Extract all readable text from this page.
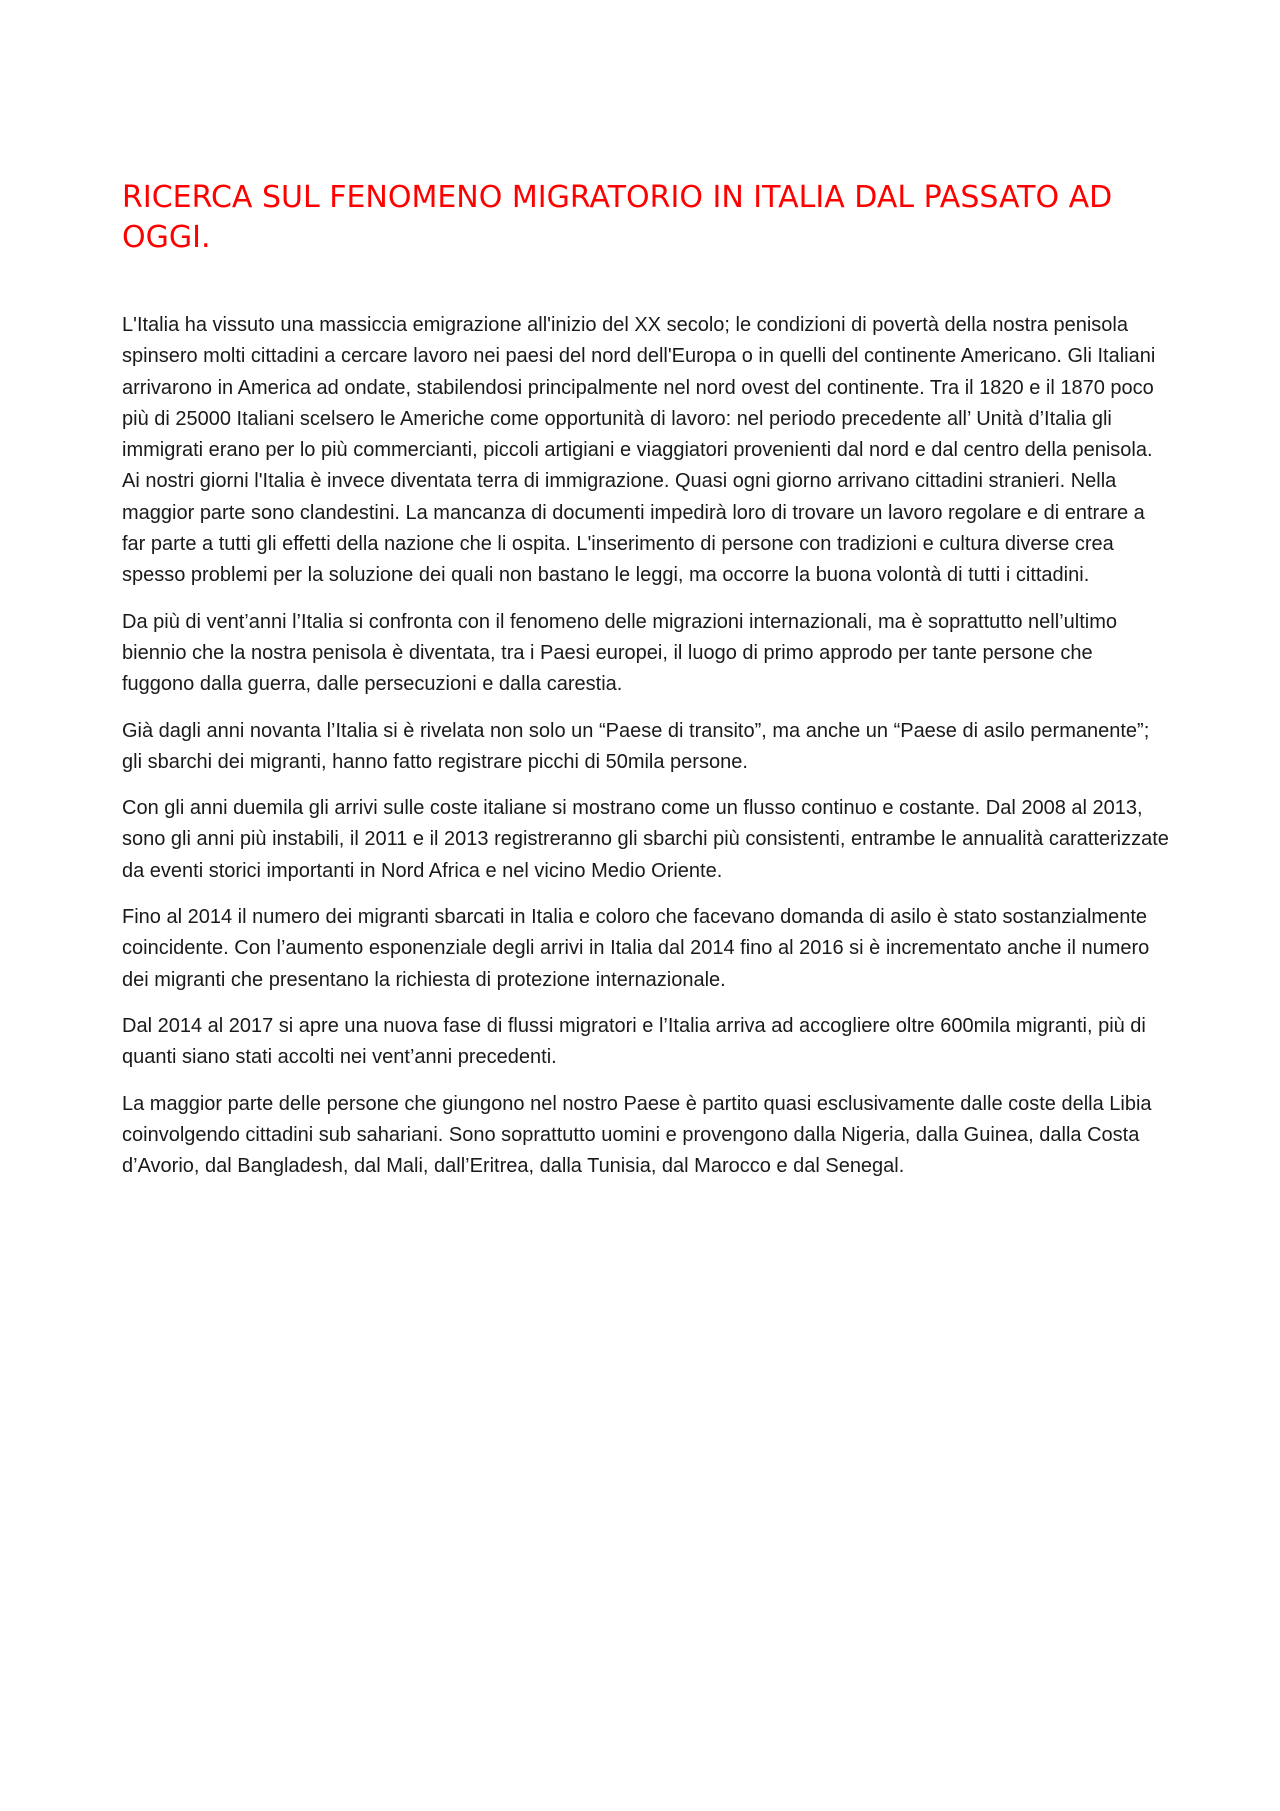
RICERCA SUL FENOMENO MIGRATORIO IN ITALIA DAL PASSATO AD OGGI.

L'Italia ha vissuto una massiccia emigrazione all'inizio del XX secolo; le condizioni di povertà della nostra penisola spinsero molti cittadini a cercare lavoro nei paesi del nord dell'Europa o in quelli del continente Americano. Gli Italiani arrivarono in America ad ondate, stabilendosi principalmente nel nord ovest del continente. Tra il 1820 e il 1870 poco più di 25000 Italiani scelsero le Americhe come opportunità di lavoro: nel periodo precedente all’ Unità d’Italia gli immigrati erano per lo più commercianti, piccoli artigiani e viaggiatori provenienti dal nord e dal centro della penisola. Ai nostri giorni l'Italia è invece diventata terra di immigrazione. Quasi ogni giorno arrivano cittadini stranieri. Nella maggior parte sono clandestini. La mancanza di documenti impedirà loro di trovare un lavoro regolare e di entrare a far parte a tutti gli effetti della nazione che li ospita. L'inserimento di persone con tradizioni e cultura diverse crea spesso problemi per la soluzione dei quali non bastano le leggi, ma occorre la buona volontà di tutti i cittadini.

Da più di vent’anni l’Italia si confronta con il fenomeno delle migrazioni internazionali, ma è soprattutto nell’ultimo biennio che la nostra penisola è diventata, tra i Paesi europei, il luogo di primo approdo per tante persone che fuggono dalla guerra, dalle persecuzioni e dalla carestia.

Già dagli anni novanta l’Italia si è rivelata non solo un “Paese di transito”, ma anche un “Paese di asilo permanente”; gli sbarchi dei migranti, hanno fatto registrare picchi di 50mila persone.

Con gli anni duemila gli arrivi sulle coste italiane si mostrano come un flusso continuo e costante. Dal 2008 al 2013, sono gli anni più instabili, il 2011 e il 2013 registreranno gli sbarchi più consistenti, entrambe le annualità caratterizzate da eventi storici importanti in Nord Africa e nel vicino Medio Oriente.

Fino al 2014 il numero dei migranti sbarcati in Italia e coloro che facevano domanda di asilo è stato sostanzialmente coincidente. Con l’aumento esponenziale degli arrivi in Italia dal 2014 fino al 2016 si è incrementato anche il numero dei migranti che presentano la richiesta di protezione internazionale.

Dal 2014 al 2017 si apre una nuova fase di flussi migratori e l’Italia arriva ad accogliere oltre 600mila migranti, più di quanti siano stati accolti nei vent’anni precedenti.

La maggior parte delle persone che giungono nel nostro Paese è partito quasi esclusivamente dalle coste della Libia coinvolgendo cittadini sub sahariani. Sono soprattutto uomini e provengono dalla Nigeria, dalla Guinea, dalla Costa d’Avorio, dal Bangladesh, dal Mali, dall’Eritrea, dalla Tunisia, dal Marocco e dal Senegal.
